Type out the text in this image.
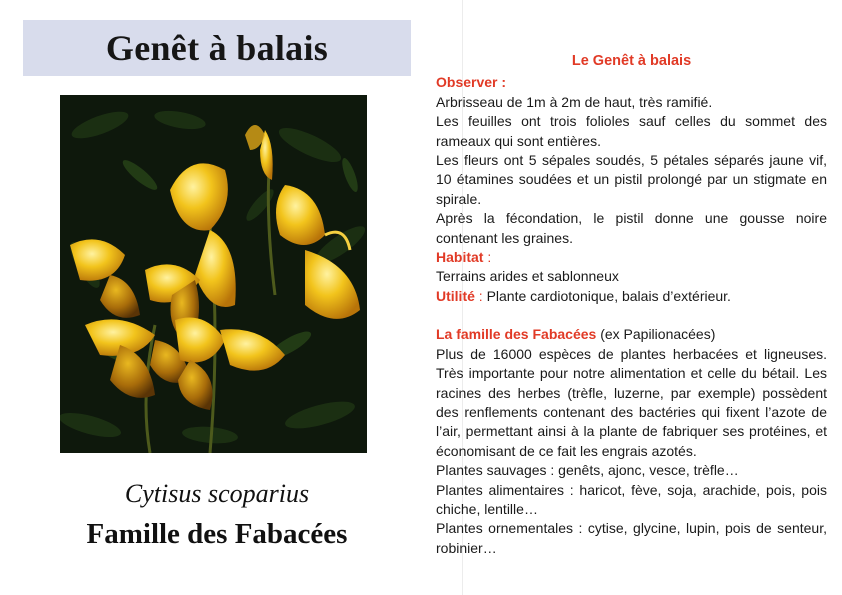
Genêt à balais
Cytisus scoparius
Famille des Fabacées

Le Genêt à balais

Observer :

Arbrisseau de 1m à 2m de haut, très ramifié.

Les feuilles ont trois folioles sauf celles du sommet des rameaux qui sont entières.

Les fleurs ont 5 sépales soudés, 5 pétales séparés jaune vif, 10 étamines soudées et un pistil prolongé par un stigmate en spirale.

Après la fécondation, le pistil donne une gousse noire contenant les graines.

Habitat :

Terrains arides et sablonneux

Utilité : Plante cardiotonique, balais d’extérieur.

La famille des Fabacées (ex Papilionacées)

Plus de 16000 espèces de plantes herbacées et ligneuses. Très importante pour notre alimentation et celle du bétail. Les racines des herbes (trèfle, luzerne, par exemple) possèdent des renflements contenant des bactéries qui fixent l’azote de l’air, permettant ainsi à la plante de fabriquer ses protéines, et économisant de ce fait les engrais azotés.

Plantes sauvages : genêts, ajonc, vesce, trèfle…

Plantes alimentaires : haricot, fève, soja, arachide, pois, pois chiche, lentille…

Plantes ornementales : cytise, glycine, lupin, pois de senteur, robinier…
